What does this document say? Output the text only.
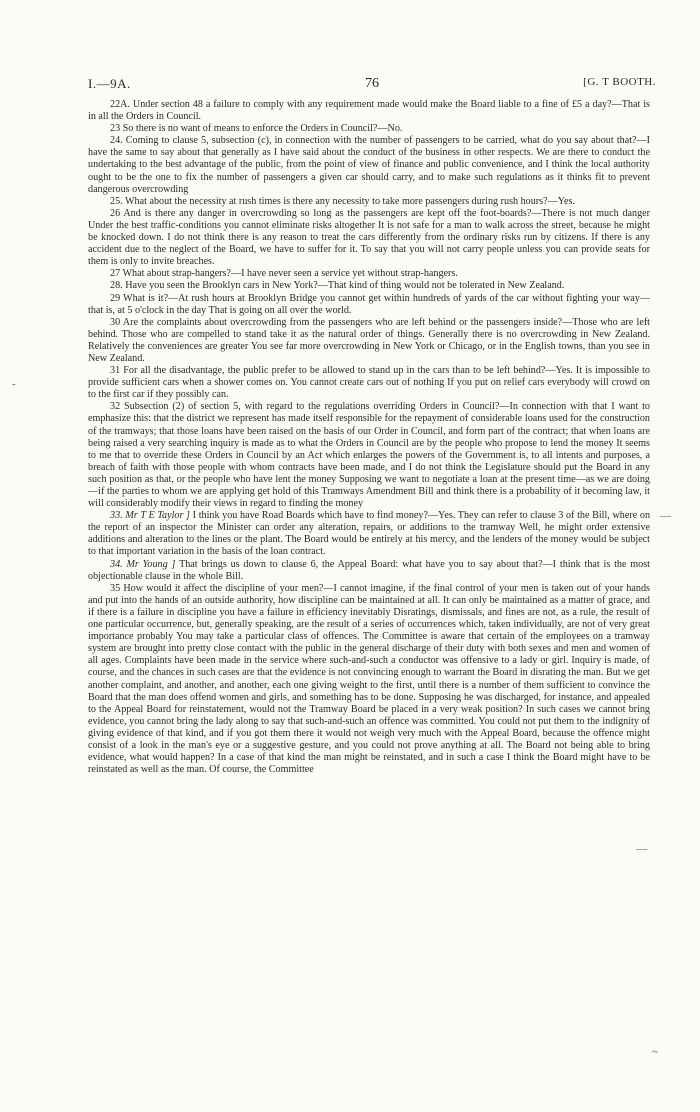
I.—9A.	76	[G. T BOOTH.

22A. Under section 48 a failure to comply with any requirement made would make the Board liable to a fine of £5 a day?—That is in all the Orders in Council.

23 So there is no want of means to enforce the Orders in Council?—No.

24. Coming to clause 5, subsection (c), in connection with the number of passengers to be carried, what do you say about that?—I have the same to say about that generally as I have said about the conduct of the business in other respects. We are there to conduct the undertaking to the best advantage of the public, from the point of view of finance and public convenience, and I think the local authority ought to be the one to fix the number of passengers a given car should carry, and to make such regulations as it thinks fit to prevent dangerous overcrowding

25. What about the necessity at rush times is there any necessity to take more passengers during rush hours?—Yes.

26 And is there any danger in overcrowding so long as the passengers are kept off the foot-boards?—There is not much danger Under the best traffic-conditions you cannot eliminate risks altogether It is not safe for a man to walk across the street, because he might be knocked down. I do not think there is any reason to treat the cars differently from the ordinary risks run by citizens. If there is any accident due to the neglect of the Board, we have to suffer for it. To say that you will not carry people unless you can provide seats for them is only to invite breaches.

27 What about strap-hangers?—I have never seen a service yet without strap-hangers.

28. Have you seen the Brooklyn cars in New York?—That kind of thing would not be tolerated in New Zealand.

29 What is it?—At rush hours at Brooklyn Bridge you cannot get within hundreds of yards of the car without fighting your way—that is, at 5 o'clock in the day That is going on all over the world.

30 Are the complaints about overcrowding from the passengers who are left behind or the passengers inside?—Those who are left behind. Those who are compelled to stand take it as the natural order of things. Generally there is no overcrowding in New Zealand. Relatively the conveniences are greater You see far more overcrowding in New York or Chicago, or in the English towns, than you see in New Zealand.

31 For all the disadvantage, the public prefer to be allowed to stand up in the cars than to be left behind?—Yes. It is impossible to provide sufficient cars when a shower comes on. You cannot create cars out of nothing If you put on relief cars everybody will crowd on to the first car if they possibly can.

32 Subsection (2) of section 5, with regard to the regulations overriding Orders in Council?—In connection with that I want to emphasize this: that the district we represent has made itself responsible for the repayment of considerable loans used for the construction of the tramways; that those loans have been raised on the basis of our Order in Council, and form part of the contract; that when loans are being raised a very searching inquiry is made as to what the Orders in Council are by the people who propose to lend the money It seems to me that to override these Orders in Council by an Act which enlarges the powers of the Government is, to all intents and purposes, a breach of faith with those people with whom contracts have been made, and I do not think the Legislature should put the Board in any such position as that, or the people who have lent the money Supposing we want to negotiate a loan at the present time—as we are doing—if the parties to whom we are applying get hold of this Tramways Amendment Bill and think there is a probability of it becoming law, it will considerably modify their views in regard to finding the money

33. Mr T E Taylor ] I think you have Road Boards which have to find money?—Yes. They can refer to clause 3 of the Bill, where on the report of an inspector the Minister can order any alteration, repairs, or additions to the tramway Well, he might order extensive additions and alteration to the lines or the plant. The Board would be entirely at his mercy, and the lenders of the money would be subject to that important variation in the basis of the loan contract.

34. Mr Young ] That brings us down to clause 6, the Appeal Board: what have you to say about that?—I think that is the most objectionable clause in the whole Bill.

35 How would it affect the discipline of your men?—I cannot imagine, if the final control of your men is taken out of your hands and put into the hands of an outside authority, how discipline can be maintained at all. It can only be maintained as a matter of grace, and if there is a failure in discipline you have a failure in efficiency inevitably Disratings, dismissals, and fines are not, as a rule, the result of one particular occurrence, but, generally speaking, are the result of a series of occurrences which, taken individually, are not of very great importance probably You may take a particular class of offences. The Committee is aware that certain of the employees on a tramway system are brought into pretty close contact with the public in the general discharge of their duty with both sexes and men and women of all ages. Complaints have been made in the service where such-and-such a conductor was offensive to a lady or girl. Inquiry is made, of course, and the chances in such cases are that the evidence is not convincing enough to warrant the Board in disrating the man. But we get another complaint, and another, and another, each one giving weight to the first, until there is a number of them sufficient to convince the Board that the man does offend women and girls, and something has to be done. Supposing he was discharged, for instance, and appealed to the Appeal Board for reinstatement, would not the Tramway Board be placed in a very weak position? In such cases we cannot bring evidence, you cannot bring the lady along to say that such-and-such an offence was committed. You could not put them to the indignity of giving evidence of that kind, and if you got them there it would not weigh very much with the Appeal Board, because the offence might consist of a look in the man's eye or a suggestive gesture, and you could not prove anything at all. The Board not being able to bring evidence, what would happen? In a case of that kind the man might be reinstated, and in such a case I think the Board might have to be reinstated as well as the man. Of course, the Committee

-
—
—
~
